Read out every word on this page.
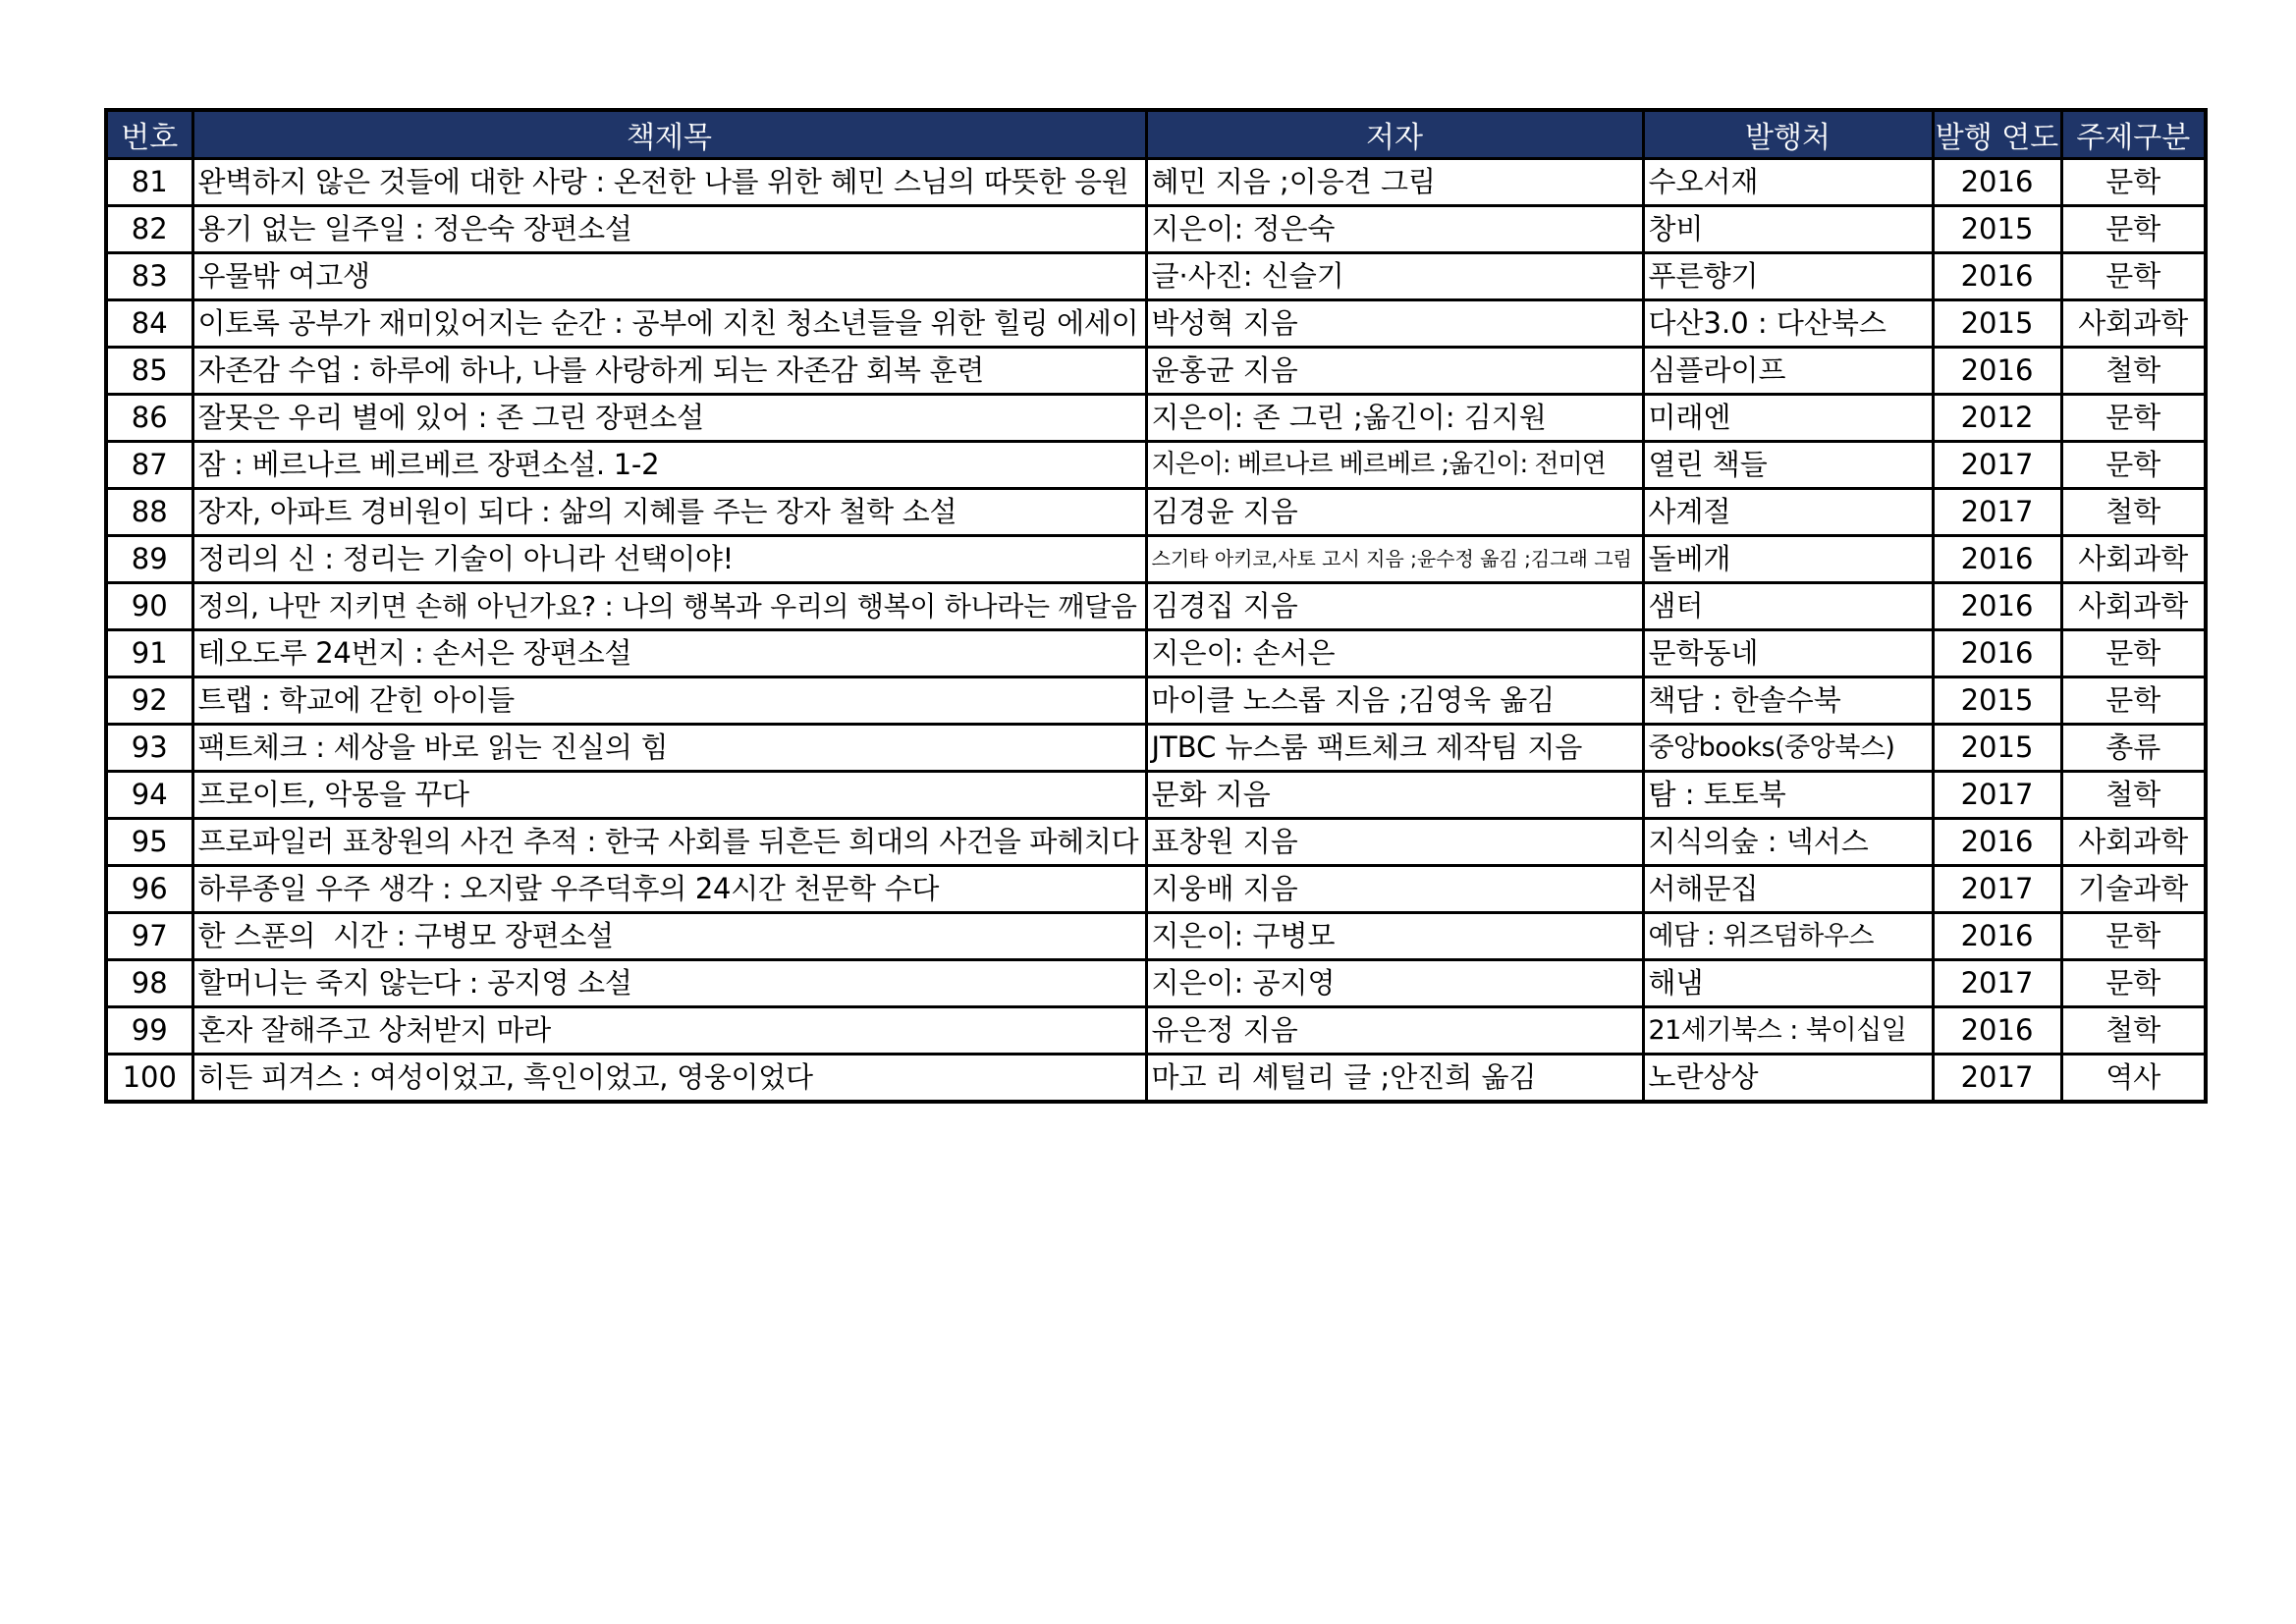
번호	책제목	저자	발행처	발행 연도	주제구분
81	완벽하지 않은 것들에 대한 사랑 : 온전한 나를 위한 혜민 스님의 따뜻한 응원	혜민 지음 ;이응견 그림	수오서재	2016	문학
82	용기 없는 일주일 : 정은숙 장편소설	지은이: 정은숙	창비	2015	문학
83	우물밖 여고생	글·사진: 신슬기	푸른향기	2016	문학
84	이토록 공부가 재미있어지는 순간 : 공부에 지친 청소년들을 위한 힐링 에세이	박성혁 지음	다산3.0 : 다산북스	2015	사회과학
85	자존감 수업 : 하루에 하나, 나를 사랑하게 되는 자존감 회복 훈련	윤홍균 지음	심플라이프	2016	철학
86	잘못은 우리 별에 있어 : 존 그린 장편소설	지은이: 존 그린 ;옮긴이: 김지원	미래엔	2012	문학
87	잠 : 베르나르 베르베르 장편소설. 1-2	지은이: 베르나르 베르베르 ;옮긴이: 전미연	열린 책들	2017	문학
88	장자, 아파트 경비원이 되다 : 삶의 지혜를 주는 장자 철학 소설	김경윤 지음	사계절	2017	철학
89	정리의 신 : 정리는 기술이 아니라 선택이야!	스기타 아키코,사토 고시 지음 ;윤수정 옮김 ;김그래 그림	돌베개	2016	사회과학
90	정의, 나만 지키면 손해 아닌가요? : 나의 행복과 우리의 행복이 하나라는 깨달음	김경집 지음	샘터	2016	사회과학
91	테오도루 24번지 : 손서은 장편소설	지은이: 손서은	문학동네	2016	문학
92	트랩 : 학교에 갇힌 아이들	마이클 노스롭 지음 ;김영욱 옮김	책담 : 한솔수북	2015	문학
93	팩트체크 : 세상을 바로 읽는 진실의 힘	JTBC 뉴스룸 팩트체크 제작팀 지음	중앙books(중앙북스)	2015	총류
94	프로이트, 악몽을 꾸다	문화 지음	탐 : 토토북	2017	철학
95	프로파일러 표창원의 사건 추적 : 한국 사회를 뒤흔든 희대의 사건을 파헤치다	표창원 지음	지식의숲 : 넥서스	2016	사회과학
96	하루종일 우주 생각 : 오지랖 우주덕후의 24시간 천문학 수다	지웅배 지음	서해문집	2017	기술과학
97	한 스푼의  시간 : 구병모 장편소설	지은이: 구병모	예담 : 위즈덤하우스	2016	문학
98	할머니는 죽지 않는다 : 공지영 소설	지은이: 공지영	해냄	2017	문학
99	혼자 잘해주고 상처받지 마라	유은정 지음	21세기북스 : 북이십일	2016	철학
100	히든 피겨스 : 여성이었고, 흑인이었고, 영웅이었다	마고 리 셰털리 글 ;안진희 옮김	노란상상	2017	역사
